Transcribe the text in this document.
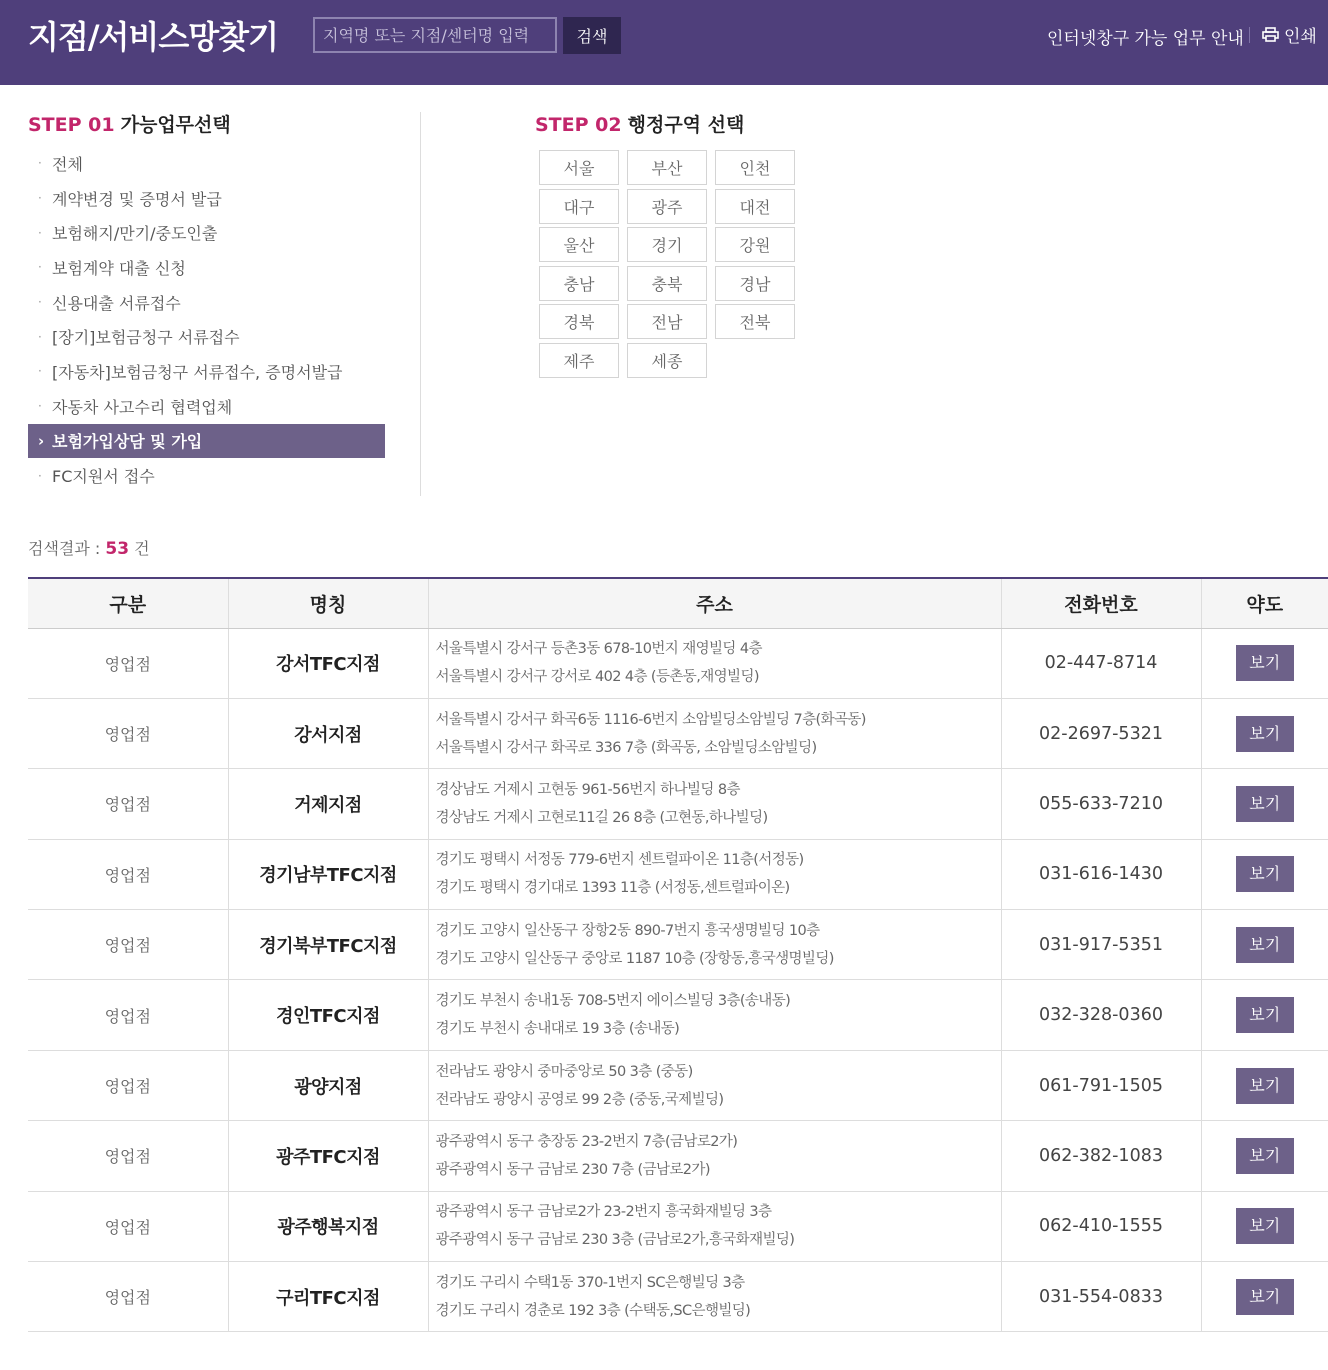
지점/서비스망찾기
지역명 또는 지점/센터명 입력	검색	인터넷창구 가능 업무 안내 인쇄
STEP 01 가능업무선택
· 전체
· 계약변경 및 증명서 발급
· 보험해지/만기/중도인출
· 보험계약 대출 신청
· 신용대출 서류접수
· [장기]보험금청구 서류접수
· [자동차]보험금청구 서류접수, 증명서발급
· 자동차 사고수리 협력업체
› 보험가입상담 및 가입
· FC지원서 접수
STEP 02 행정구역 선택
서울	부산	인천
대구	광주	대전
울산	경기	강원
충남	충북	경남
경북	전남	전북
제주	세종
검색결과 : 53 건
구분	명칭	주소	전화번호	약도
영업점	강서TFC지점	서울특별시 강서구 등촌3동 678-10번지 재영빌딩 4층
서울특별시 강서구 강서로 402 4층 (등촌동,재영빌딩)	02-447-8714	보기
영업점	강서지점	서울특별시 강서구 화곡6동 1116-6번지 소암빌딩소암빌딩 7층(화곡동)
서울특별시 강서구 화곡로 336 7층 (화곡동, 소암빌딩소암빌딩)	02-2697-5321	보기
영업점	거제지점	경상남도 거제시 고현동 961-56번지 하나빌딩 8층
경상남도 거제시 고현로11길 26 8층 (고현동,하나빌딩)	055-633-7210	보기
영업점	경기남부TFC지점	경기도 평택시 서정동 779-6번지 센트럴파이온 11층(서정동)
경기도 평택시 경기대로 1393 11층 (서정동,센트럴파이온)	031-616-1430	보기
영업점	경기북부TFC지점	경기도 고양시 일산동구 장항2동 890-7번지 흥국생명빌딩 10층
경기도 고양시 일산동구 중앙로 1187 10층 (장항동,흥국생명빌딩)	031-917-5351	보기
영업점	경인TFC지점	경기도 부천시 송내1동 708-5번지 에이스빌딩 3층(송내동)
경기도 부천시 송내대로 19 3층 (송내동)	032-328-0360	보기
영업점	광양지점	전라남도 광양시 중마중앙로 50 3층 (중동)
전라남도 광양시 공영로 99 2층 (중동,국제빌딩)	061-791-1505	보기
영업점	광주TFC지점	광주광역시 동구 충장동 23-2번지 7층(금남로2가)
광주광역시 동구 금남로 230 7층 (금남로2가)	062-382-1083	보기
영업점	광주행복지점	광주광역시 동구 금남로2가 23-2번지 흥국화재빌딩 3층
광주광역시 동구 금남로 230 3층 (금남로2가,흥국화재빌딩)	062-410-1555	보기
영업점	구리TFC지점	경기도 구리시 수택1동 370-1번지 SC은행빌딩 3층
경기도 구리시 경춘로 192 3층 (수택동,SC은행빌딩)	031-554-0833	보기
